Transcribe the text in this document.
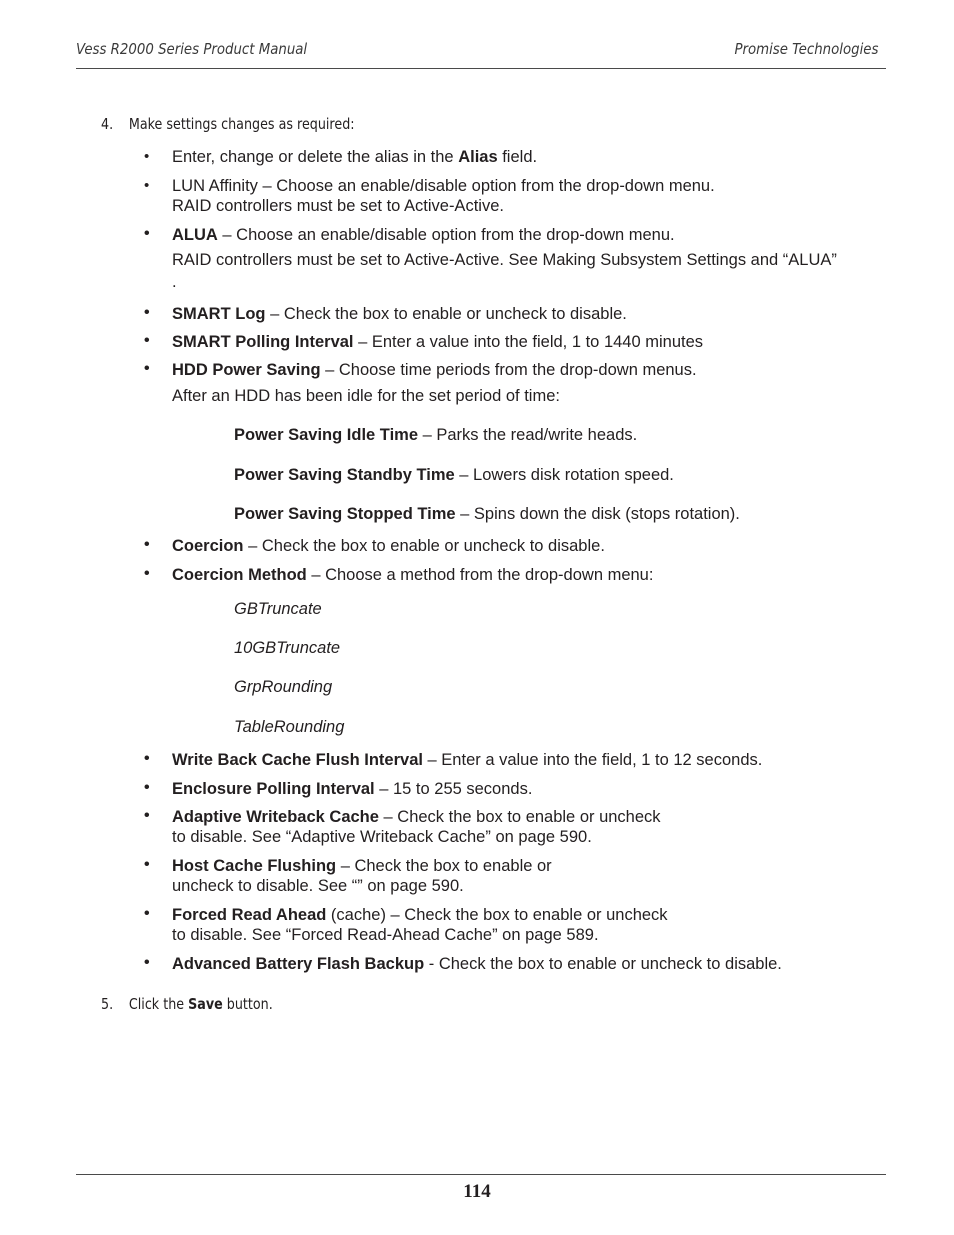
Vess R2000 Series Product Manual	Promise Technologies
4. Make settings changes as required:
• Enter, change or delete the alias in the Alias field.
• LUN Affinity – Choose an enable/disable option from the drop-down menu.
RAID controllers must be set to Active-Active.
• ALUA – Choose an enable/disable option from the drop-down menu.
RAID controllers must be set to Active-Active. See Making Subsystem Settings and “ALUA”
.
• SMART Log – Check the box to enable or uncheck to disable.
• SMART Polling Interval – Enter a value into the field, 1 to 1440 minutes
• HDD Power Saving – Choose time periods from the drop-down menus.
After an HDD has been idle for the set period of time:
Power Saving Idle Time – Parks the read/write heads.
Power Saving Standby Time – Lowers disk rotation speed.
Power Saving Stopped Time – Spins down the disk (stops rotation).
• Coercion – Check the box to enable or uncheck to disable.
• Coercion Method – Choose a method from the drop-down menu:
GBTruncate
10GBTruncate
GrpRounding
TableRounding
• Write Back Cache Flush Interval – Enter a value into the field, 1 to 12 seconds.
• Enclosure Polling Interval – 15 to 255 seconds.
• Adaptive Writeback Cache – Check the box to enable or uncheck
to disable. See “Adaptive Writeback Cache” on page 590.
• Host Cache Flushing – Check the box to enable or
uncheck to disable. See “” on page 590.
• Forced Read Ahead (cache) – Check the box to enable or uncheck
to disable. See “Forced Read-Ahead Cache” on page 589.
• Advanced Battery Flash Backup - Check the box to enable or uncheck to disable.
5. Click the Save button.
114
